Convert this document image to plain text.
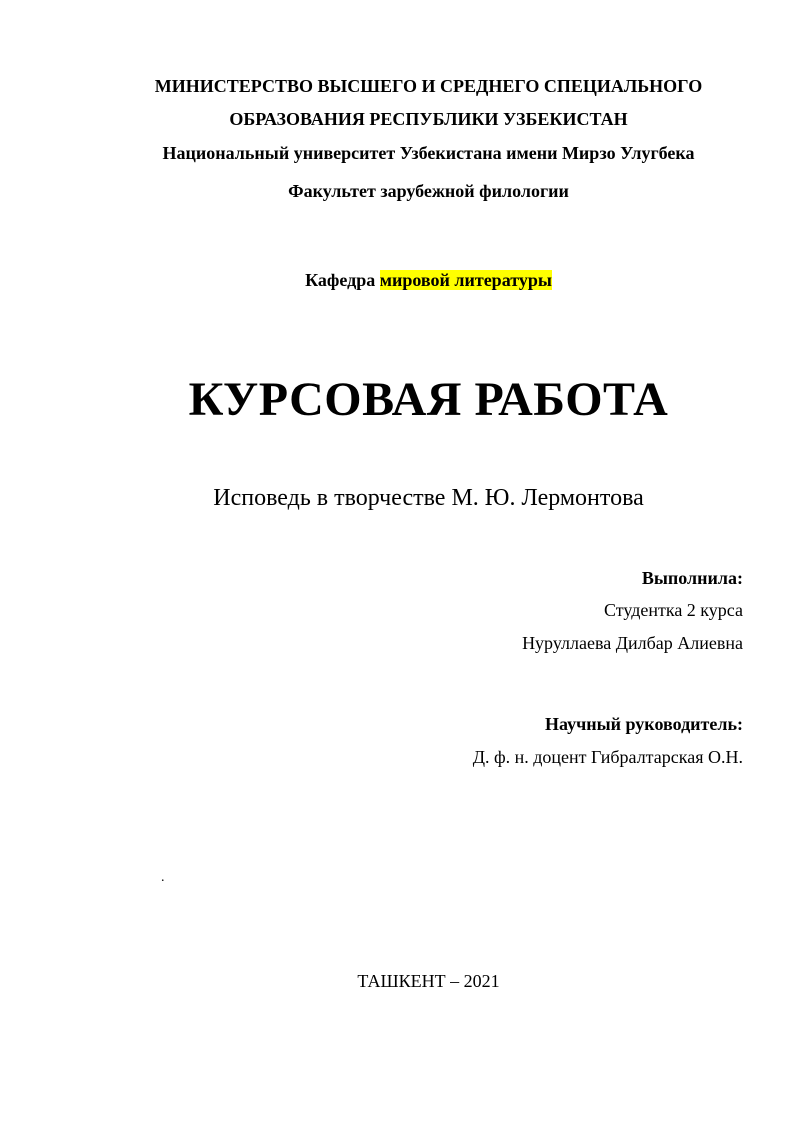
МИНИСТЕРСТВО ВЫСШЕГО И СРЕДНЕГО СПЕЦИАЛЬНОГО
ОБРАЗОВАНИЯ РЕСПУБЛИКИ УЗБЕКИСТАН
Национальный университет Узбекистана имени Мирзо Улугбека
Факультет зарубежной филологии
Кафедра мировой литературы
КУРСОВАЯ РАБОТА
Исповедь в творчестве М. Ю. Лермонтова
Выполнила:
Студентка 2 курса
Нуруллаева Дилбар Алиевна
Научный руководитель:
Д. ф. н. доцент Гибралтарская О.Н.
.
ТАШКЕНТ – 2021
